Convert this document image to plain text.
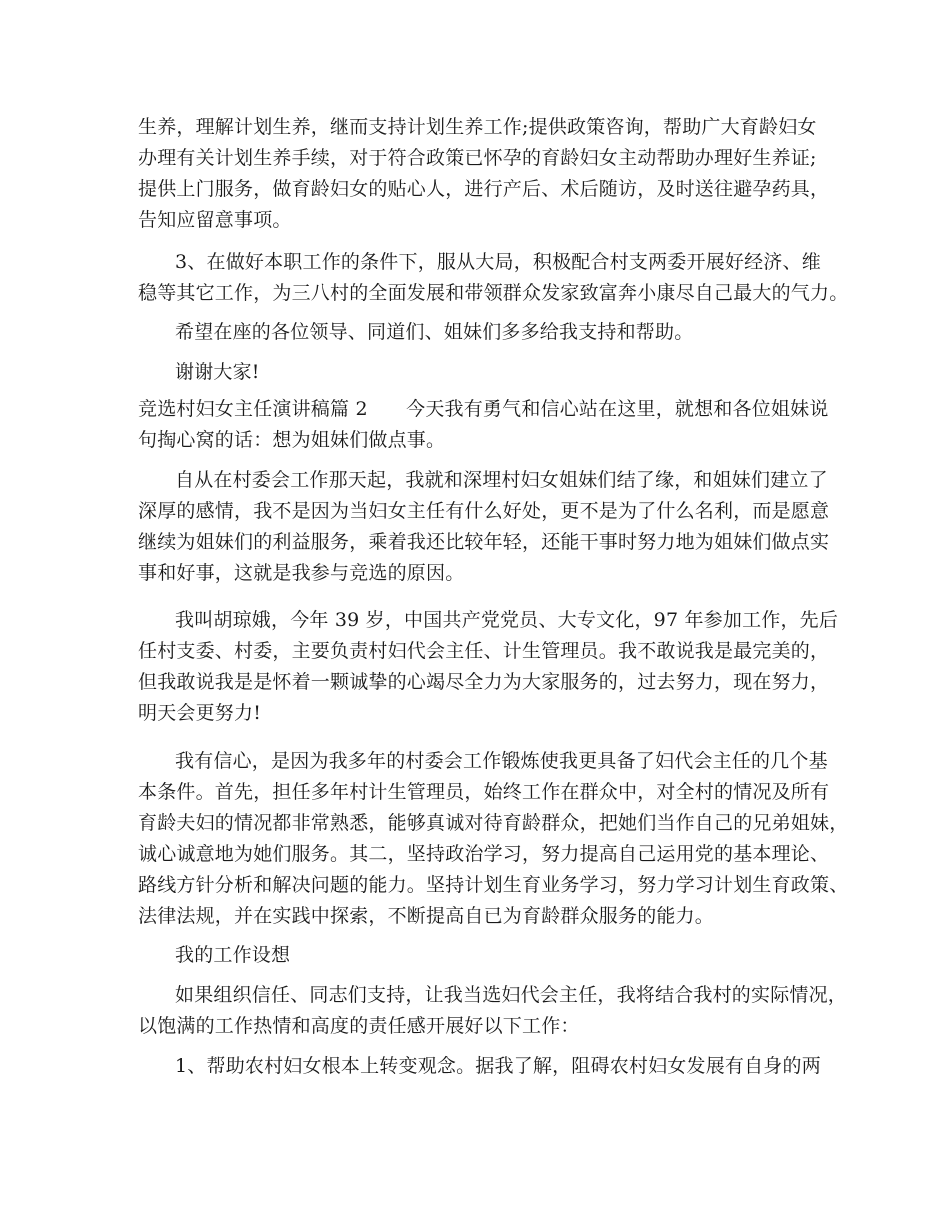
生养，理解计划生养，继而支持计划生养工作;提供政策咨询，帮助广大育龄妇女
办理有关计划生养手续，对于符合政策已怀孕的育龄妇女主动帮助办理好生养证;
提供上门服务，做育龄妇女的贴心人，进行产后、术后随访，及时送往避孕药具，
告知应留意事项。
3、在做好本职工作的条件下，服从大局，积极配合村支两委开展好经济、维
稳等其它工作，为三八村的全面发展和带领群众发家致富奔小康尽自己最大的气力。
希望在座的各位领导、同道们、姐妹们多多给我支持和帮助。
谢谢大家!
竞选村妇女主任演讲稿篇 2　　今天我有勇气和信心站在这里，就想和各位姐妹说
句掏心窝的话：想为姐妹们做点事。
自从在村委会工作那天起，我就和深埋村妇女姐妹们结了缘，和姐妹们建立了
深厚的感情，我不是因为当妇女主任有什么好处，更不是为了什么名利，而是愿意
继续为姐妹们的利益服务，乘着我还比较年轻，还能干事时努力地为姐妹们做点实
事和好事，这就是我参与竞选的原因。
我叫胡琼娥，今年 39 岁，中国共产党党员、大专文化，97 年参加工作，先后
任村支委、村委，主要负责村妇代会主任、计生管理员。我不敢说我是最完美的，
但我敢说我是是怀着一颗诚挚的心竭尽全力为大家服务的，过去努力，现在努力，
明天会更努力!
我有信心，是因为我多年的村委会工作锻炼使我更具备了妇代会主任的几个基
本条件。首先，担任多年村计生管理员，始终工作在群众中，对全村的情况及所有
育龄夫妇的情况都非常熟悉，能够真诚对待育龄群众，把她们当作自己的兄弟姐妹，
诚心诚意地为她们服务。其二，坚持政治学习，努力提高自己运用党的基本理论、
路线方针分析和解决问题的能力。坚持计划生育业务学习，努力学习计划生育政策、
法律法规，并在实践中探索，不断提高自已为育龄群众服务的能力。
我的工作设想
如果组织信任、同志们支持，让我当选妇代会主任，我将结合我村的实际情况，
以饱满的工作热情和高度的责任感开展好以下工作：
1、帮助农村妇女根本上转变观念。据我了解，阻碍农村妇女发展有自身的两
